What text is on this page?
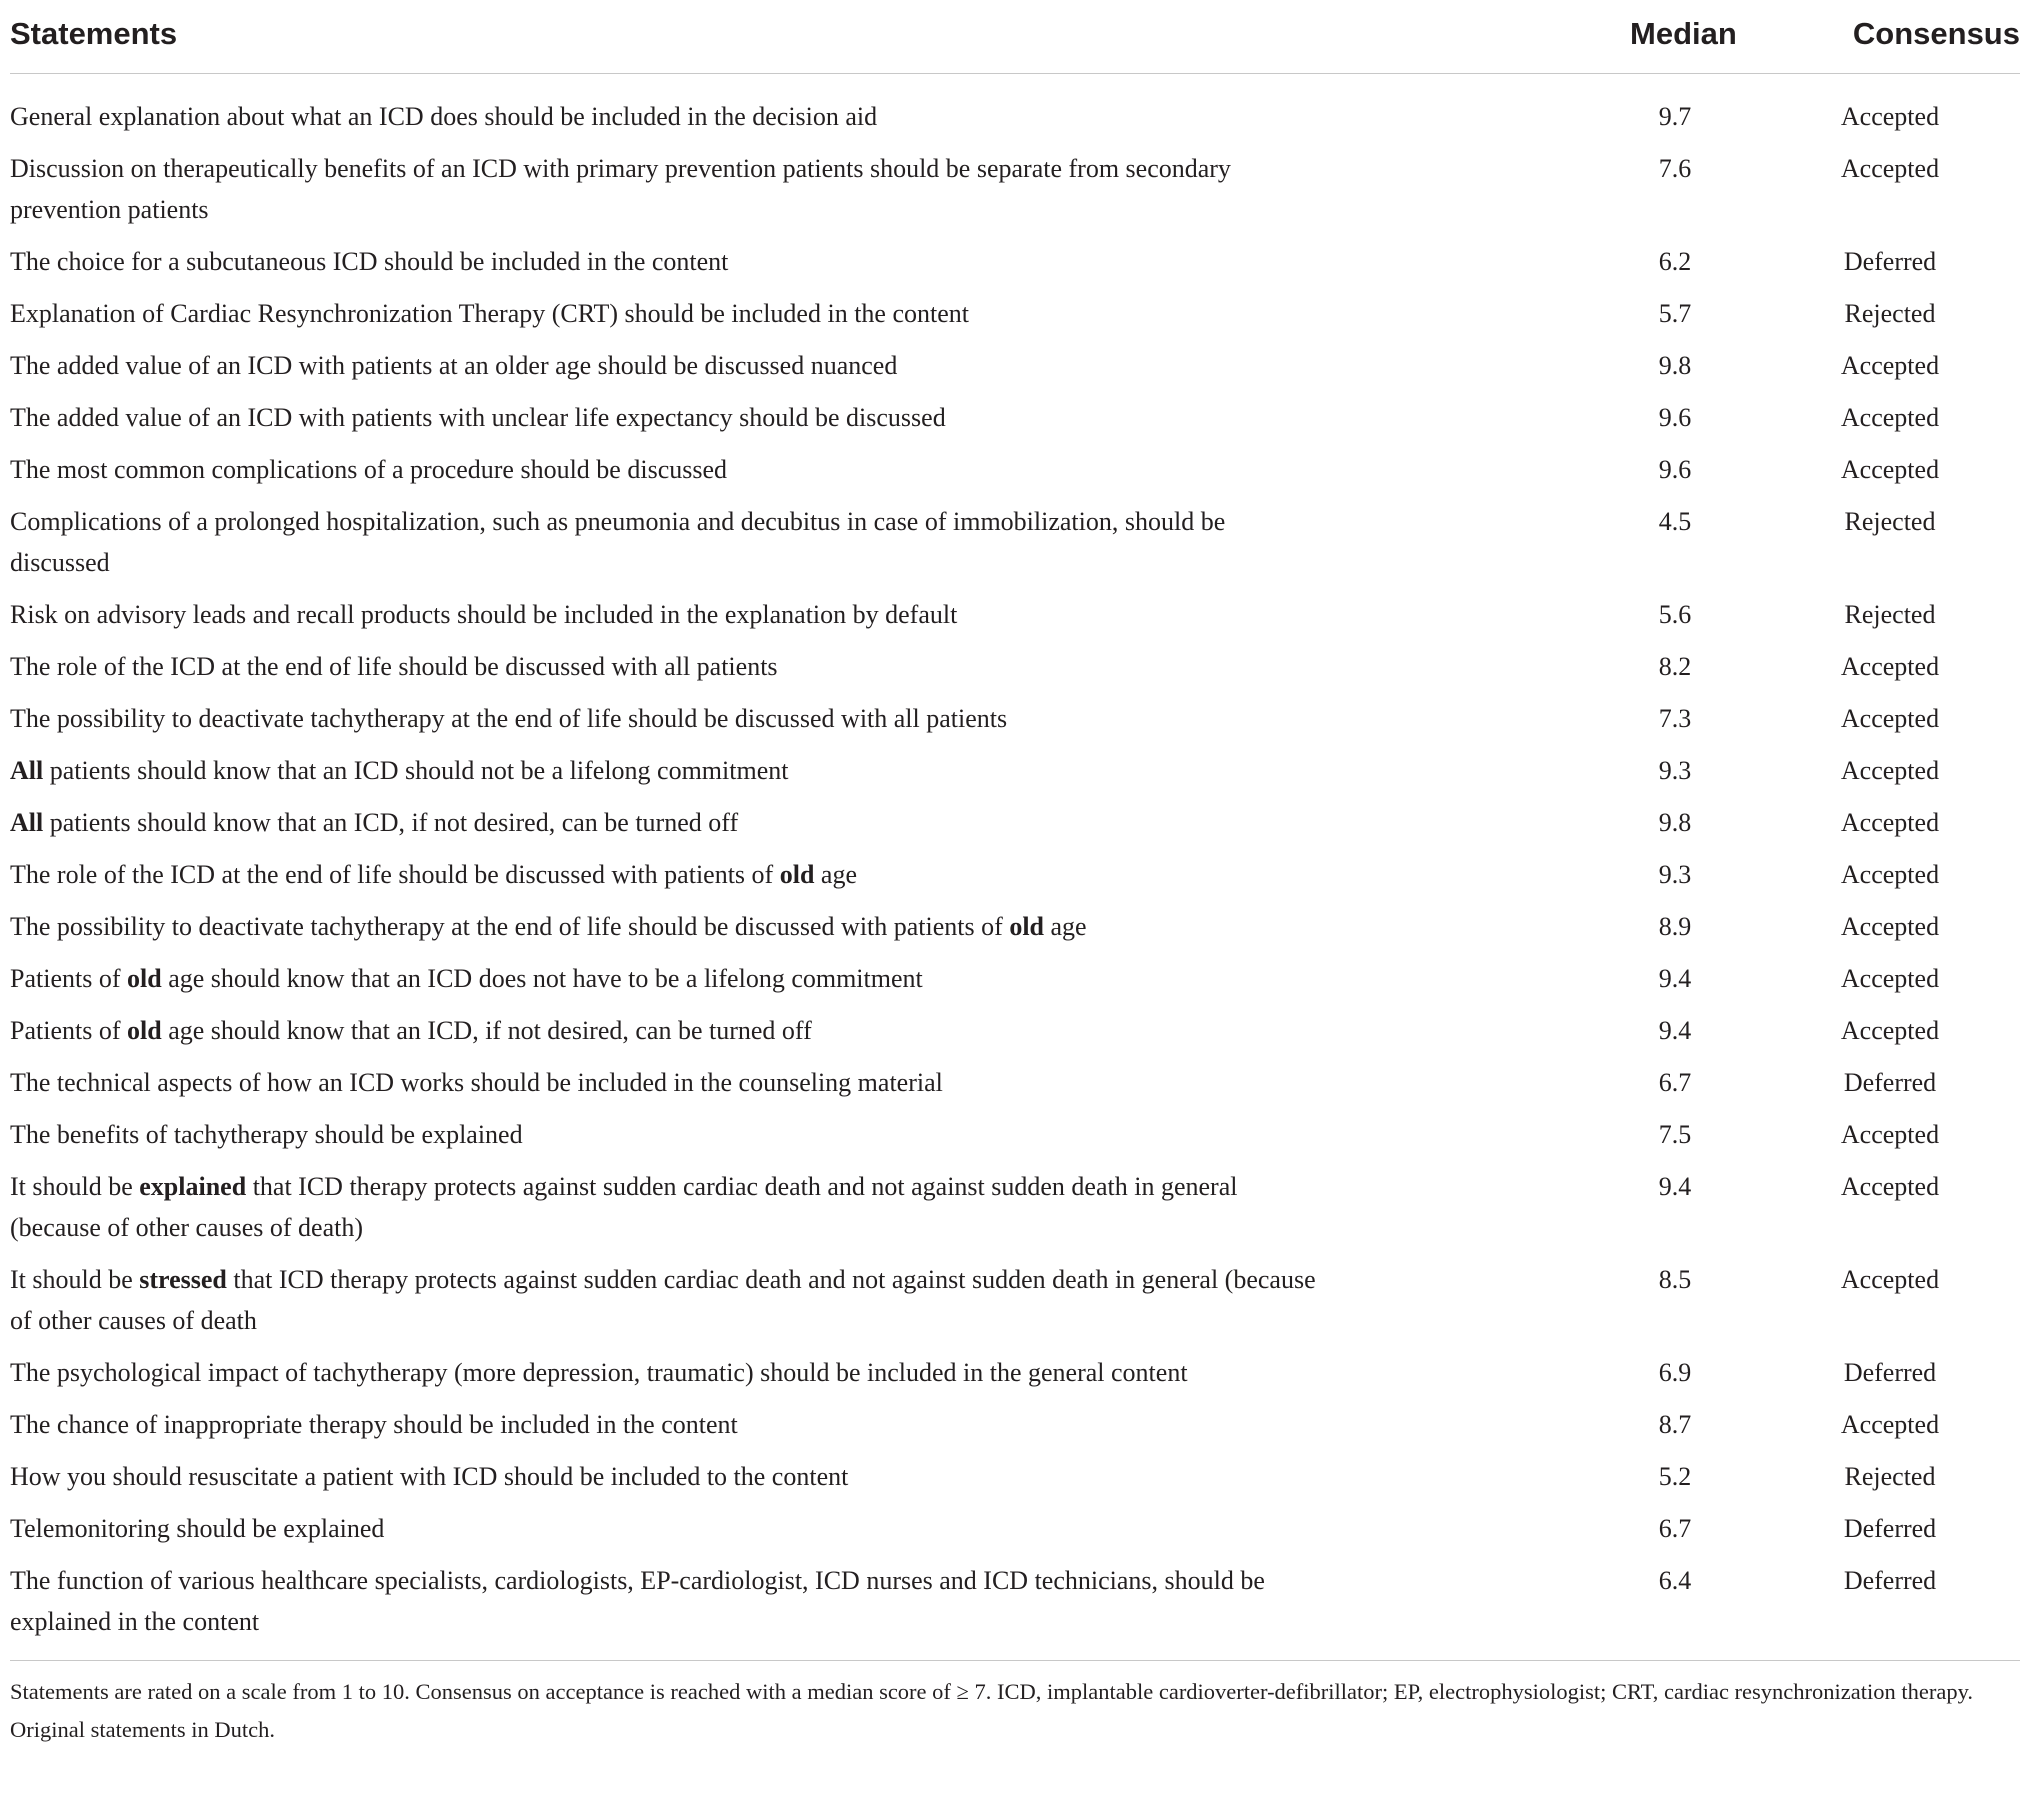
Statements	Median	Consensus

General explanation about what an ICD does should be included in the decision aid	9.7	Accepted
Discussion on therapeutically benefits of an ICD with primary prevention patients should be separate from secondary prevention patients	7.6	Accepted
The choice for a subcutaneous ICD should be included in the content	6.2	Deferred
Explanation of Cardiac Resynchronization Therapy (CRT) should be included in the content	5.7	Rejected
The added value of an ICD with patients at an older age should be discussed nuanced	9.8	Accepted
The added value of an ICD with patients with unclear life expectancy should be discussed	9.6	Accepted
The most common complications of a procedure should be discussed	9.6	Accepted
Complications of a prolonged hospitalization, such as pneumonia and decubitus in case of immobilization, should be discussed	4.5	Rejected
Risk on advisory leads and recall products should be included in the explanation by default	5.6	Rejected
The role of the ICD at the end of life should be discussed with all patients	8.2	Accepted
The possibility to deactivate tachytherapy at the end of life should be discussed with all patients	7.3	Accepted
All patients should know that an ICD should not be a lifelong commitment	9.3	Accepted
All patients should know that an ICD, if not desired, can be turned off	9.8	Accepted
The role of the ICD at the end of life should be discussed with patients of old age	9.3	Accepted
The possibility to deactivate tachytherapy at the end of life should be discussed with patients of old age	8.9	Accepted
Patients of old age should know that an ICD does not have to be a lifelong commitment	9.4	Accepted
Patients of old age should know that an ICD, if not desired, can be turned off	9.4	Accepted
The technical aspects of how an ICD works should be included in the counseling material	6.7	Deferred
The benefits of tachytherapy should be explained	7.5	Accepted
It should be explained that ICD therapy protects against sudden cardiac death and not against sudden death in general (because of other causes of death)	9.4	Accepted
It should be stressed that ICD therapy protects against sudden cardiac death and not against sudden death in general (because of other causes of death	8.5	Accepted
The psychological impact of tachytherapy (more depression, traumatic) should be included in the general content	6.9	Deferred
The chance of inappropriate therapy should be included in the content	8.7	Accepted
How you should resuscitate a patient with ICD should be included to the content	5.2	Rejected
Telemonitoring should be explained	6.7	Deferred
The function of various healthcare specialists, cardiologists, EP-cardiologist, ICD nurses and ICD technicians, should be explained in the content	6.4	Deferred
Statements are rated on a scale from 1 to 10. Consensus on acceptance is reached with a median score of ≥ 7. ICD, implantable cardioverter-defibrillator; EP, electrophysiologist; CRT, cardiac resynchronization therapy. Original statements in Dutch.
